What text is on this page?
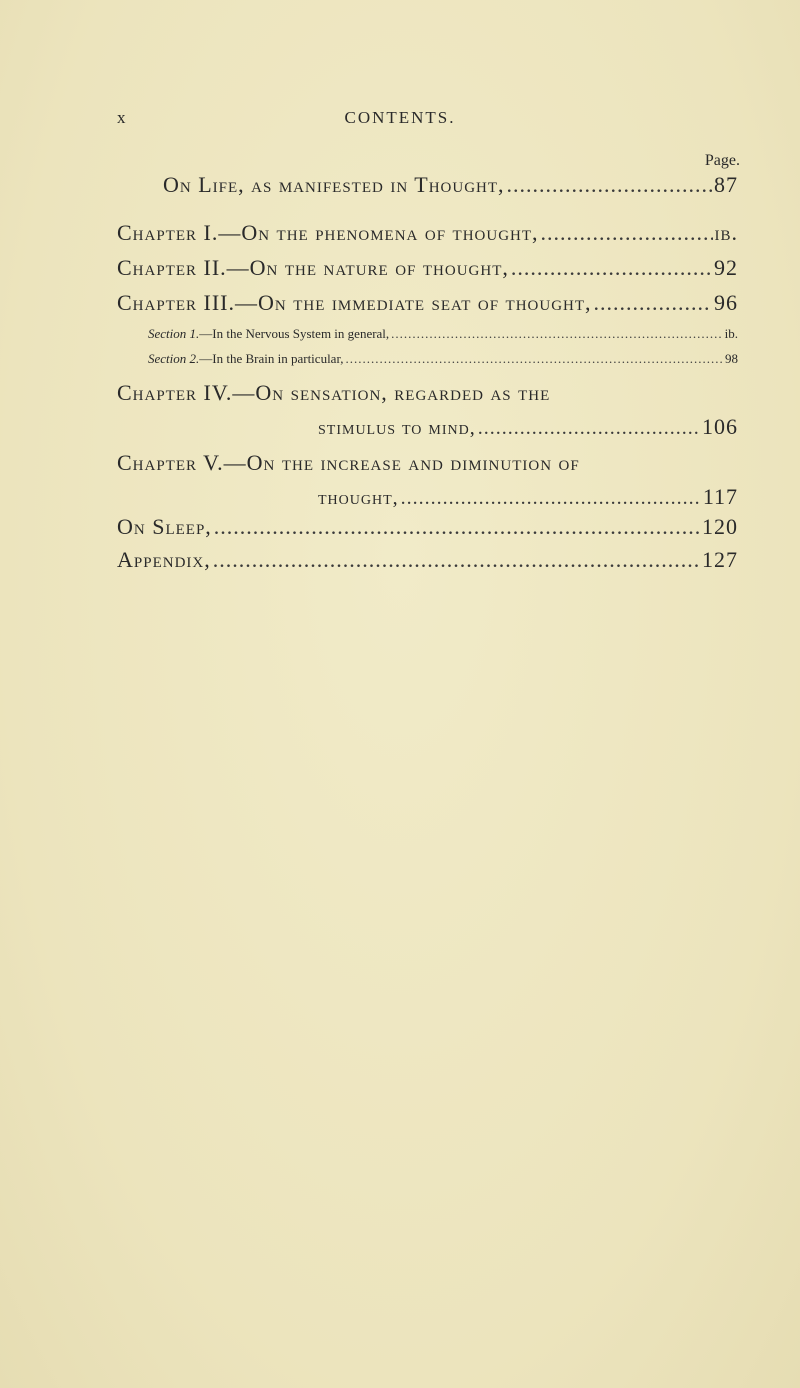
x	CONTENTS.
Page.
On Life, as manifested in Thought, .....	87
Chapter I.—On the phenomena of thought, .....	ib.
Chapter II.—On the nature of thought, .....	92
Chapter III.—On the immediate seat of thought, .....	96
Section 1.—In the Nervous System in general, .....	ib.
Section 2.—In the Brain in particular, .....	98
Chapter IV.—On sensation, regarded as the
stimulus to mind, .....	106
Chapter V.—On the increase and diminution of
thought, .....	117
On Sleep, .....	120
Appendix, .....	127
